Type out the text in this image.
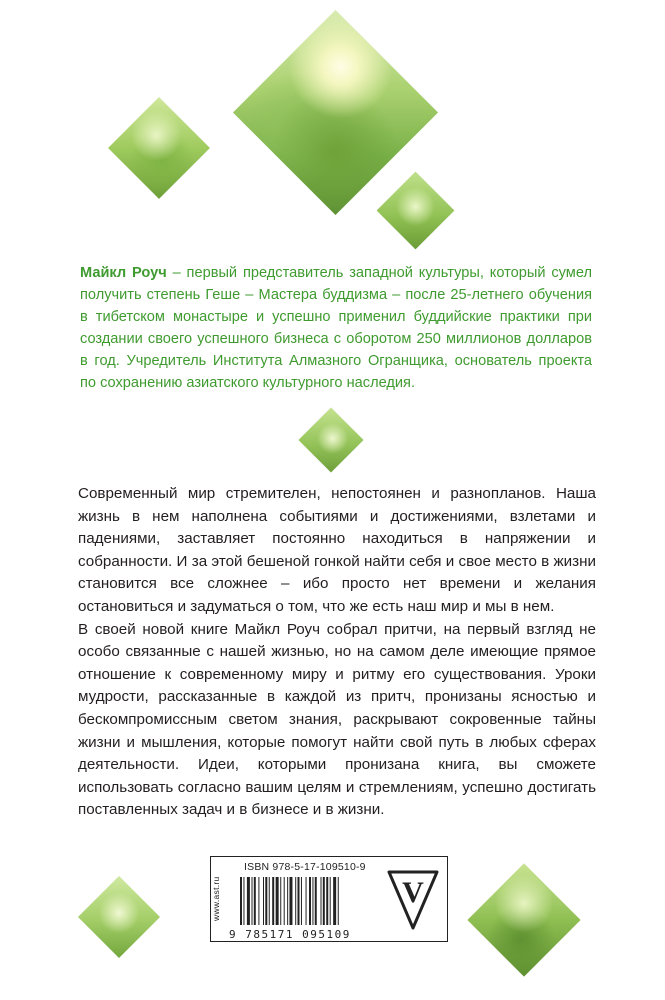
Майкл Роуч – первый представитель западной культуры, который сумел получить степень Геше – Мастера буддизма – после 25-летнего обучения в тибетском монастыре и успешно применил буддийские практики при создании своего успешного бизнеса с оборотом 250 миллионов долларов в год. Учредитель Института Алмазного Огранщика, основатель проекта по сохранению азиатского культурного наследия.

Современный мир стремителен, непостоянен и разнопланов. Наша жизнь в нем наполнена событиями и достижениями, взлетами и падениями, заставляет постоянно находиться в напряжении и собранности. И за этой бешеной гонкой найти себя и свое место в жизни становится все сложнее – ибо просто нет времени и желания остановиться и задуматься о том, что же есть наш мир и мы в нем.

В своей новой книге Майкл Роуч собрал притчи, на первый взгляд не особо связанные с нашей жизнью, но на самом деле имеющие прямое отношение к современному миру и ритму его существования. Уроки мудрости, рассказанные в каждой из притч, пронизаны ясностью и бескомпромиссным светом знания, раскрывают сокровенные тайны жизни и мышления, которые помогут найти свой путь в любых сферах деятельности. Идеи, которыми пронизана книга, вы сможете использовать согласно вашим целям и стремлениям, успешно достигать поставленных задач и в бизнесе и в жизни.

www.ast.ru
ISBN 978-5-17-109510-9
9 785171 095109
V
